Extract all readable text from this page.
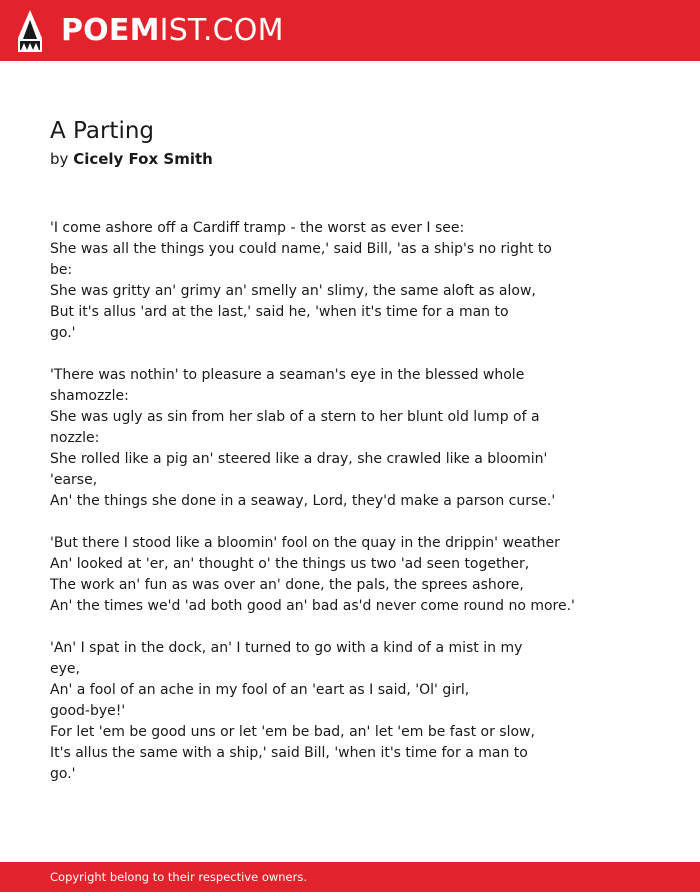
POEMIST.COM
A Parting
by Cicely Fox Smith

'I come ashore off a Cardiff tramp - the worst as ever I see:
She was all the things you could name,' said Bill, 'as a ship's no right to
be:
She was gritty an' grimy an' smelly an' slimy, the same aloft as alow,
But it's allus 'ard at the last,' said he, 'when it's time for a man to
go.'

'There was nothin' to pleasure a seaman's eye in the blessed whole
shamozzle:
She was ugly as sin from her slab of a stern to her blunt old lump of a
nozzle:
She rolled like a pig an' steered like a dray, she crawled like a bloomin'
'earse,
An' the things she done in a seaway, Lord, they'd make a parson curse.'

'But there I stood like a bloomin' fool on the quay in the drippin' weather
An' looked at 'er, an' thought o' the things us two 'ad seen together,
The work an' fun as was over an' done, the pals, the sprees ashore,
An' the times we'd 'ad both good an' bad as'd never come round no more.'

'An' I spat in the dock, an' I turned to go with a kind of a mist in my
eye,
An' a fool of an ache in my fool of an 'eart as I said, 'Ol' girl,
good-bye!'
For let 'em be good uns or let 'em be bad, an' let 'em be fast or slow,
It's allus the same with a ship,' said Bill, 'when it's time for a man to
go.'

Copyright belong to their respective owners.
